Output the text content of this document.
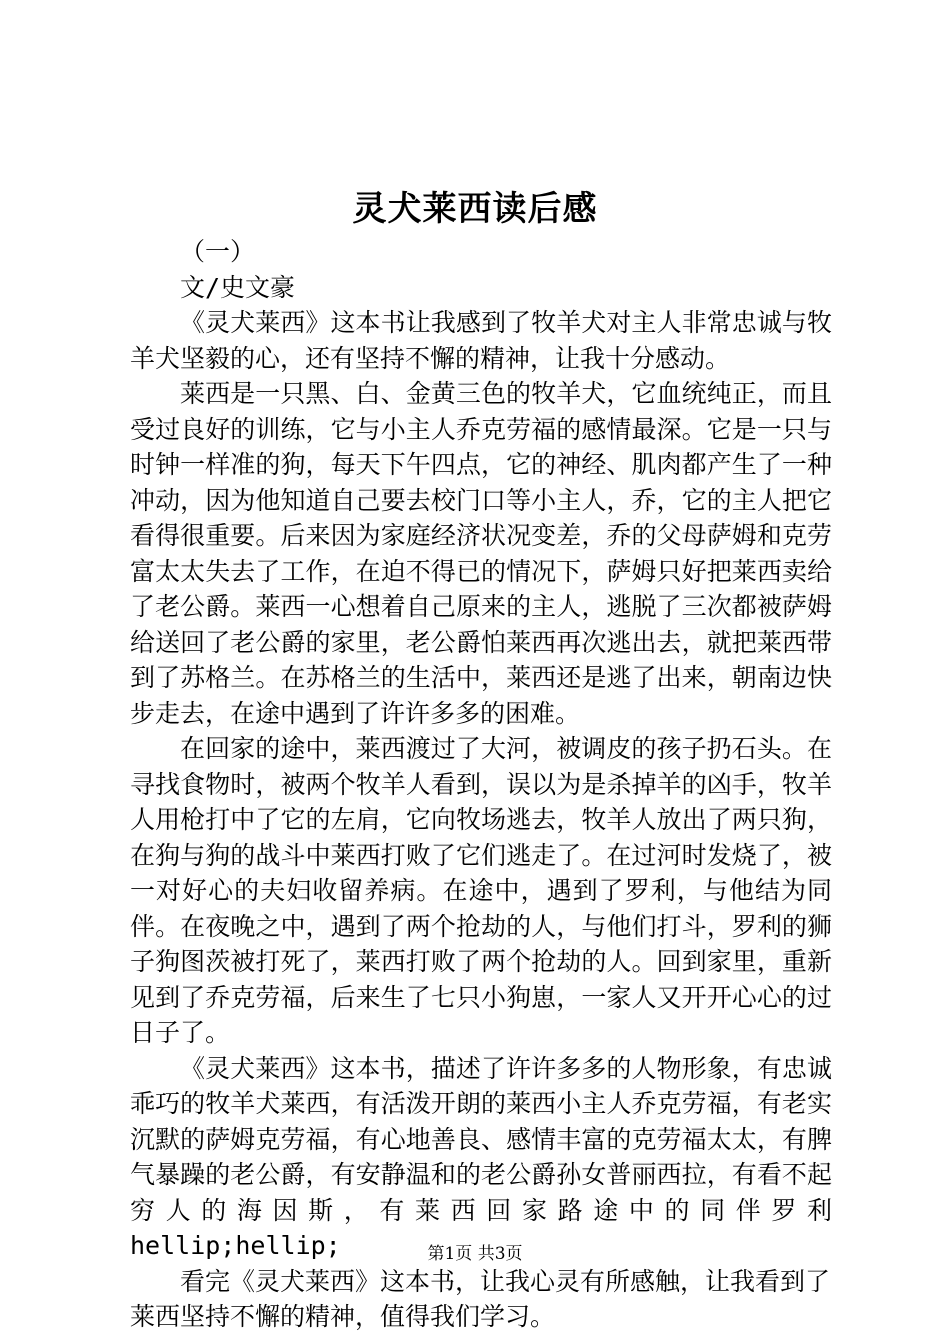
灵犬莱西读后感

（一）

文/史文豪

《灵犬莱西》这本书让我感到了牧羊犬对主人非常忠诚与牧羊犬坚毅的心，还有坚持不懈的精神，让我十分感动。

莱西是一只黑、白、金黄三色的牧羊犬，它血统纯正，而且受过良好的训练，它与小主人乔克劳福的感情最深。它是一只与时钟一样准的狗，每天下午四点，它的神经、肌肉都产生了一种冲动，因为他知道自己要去校门口等小主人，乔，它的主人把它看得很重要。后来因为家庭经济状况变差，乔的父母萨姆和克劳富太太失去了工作，在迫不得已的情况下，萨姆只好把莱西卖给了老公爵。莱西一心想着自己原来的主人，逃脱了三次都被萨姆给送回了老公爵的家里，老公爵怕莱西再次逃出去，就把莱西带到了苏格兰。在苏格兰的生活中，莱西还是逃了出来，朝南边快步走去，在途中遇到了许许多多的困难。

在回家的途中，莱西渡过了大河，被调皮的孩子扔石头。在寻找食物时，被两个牧羊人看到，误以为是杀掉羊的凶手，牧羊人用枪打中了它的左肩，它向牧场逃去，牧羊人放出了两只狗，在狗与狗的战斗中莱西打败了它们逃走了。在过河时发烧了，被一对好心的夫妇收留养病。在途中，遇到了罗利，与他结为同伴。在夜晚之中，遇到了两个抢劫的人，与他们打斗，罗利的狮子狗图茨被打死了，莱西打败了两个抢劫的人。回到家里，重新见到了乔克劳福，后来生了七只小狗崽，一家人又开开心心的过日子了。

《灵犬莱西》这本书，描述了许许多多的人物形象，有忠诚乖巧的牧羊犬莱西，有活泼开朗的莱西小主人乔克劳福，有老实沉默的萨姆克劳福，有心地善良、感情丰富的克劳福太太，有脾气暴躁的老公爵，有安静温和的老公爵孙女普丽西拉，有看不起穷人的海因斯，有莱西回家路途中的同伴罗利hellip;hellip;

看完《灵犬莱西》这本书，让我心灵有所感触，让我看到了莱西坚持不懈的精神，值得我们学习。

第1页 共3页
